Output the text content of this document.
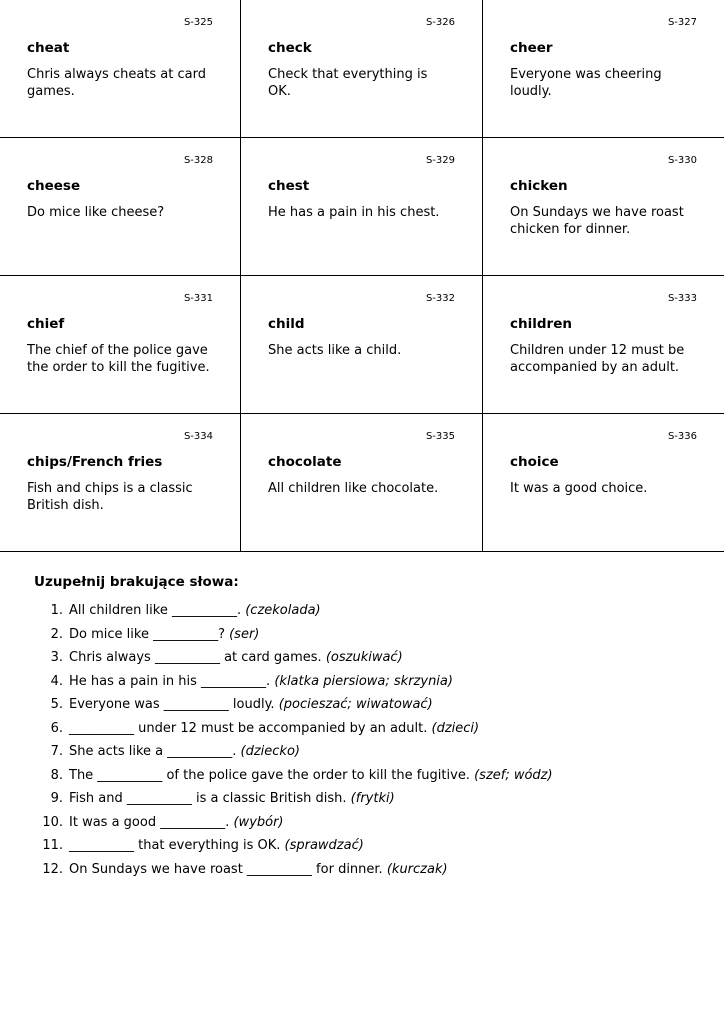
S-325
cheat
Chris always cheats at card games.
S-326
check
Check that everything is OK.
S-327
cheer
Everyone was cheering loudly.
S-328
cheese
Do mice like cheese?
S-329
chest
He has a pain in his chest.
S-330
chicken
On Sundays we have roast chicken for dinner.
S-331
chief
The chief of the police gave the order to kill the fugitive.
S-332
child
She acts like a child.
S-333
children
Children under 12 must be accompanied by an adult.
S-334
chips/French fries
Fish and chips is a classic British dish.
S-335
chocolate
All children like chocolate.
S-336
choice
It was a good choice.
Uzupełnij brakujące słowa:
1. All children like __________. (czekolada)
2. Do mice like __________? (ser)
3. Chris always __________ at card games. (oszukiwać)
4. He has a pain in his __________. (klatka piersiowa; skrzynia)
5. Everyone was __________ loudly. (pocieszać; wiwatować)
6. __________ under 12 must be accompanied by an adult. (dzieci)
7. She acts like a __________. (dziecko)
8. The __________ of the police gave the order to kill the fugitive. (szef; wódz)
9. Fish and __________ is a classic British dish. (frytki)
10. It was a good __________. (wybór)
11. __________ that everything is OK. (sprawdzać)
12. On Sundays we have roast __________ for dinner. (kurczak)
